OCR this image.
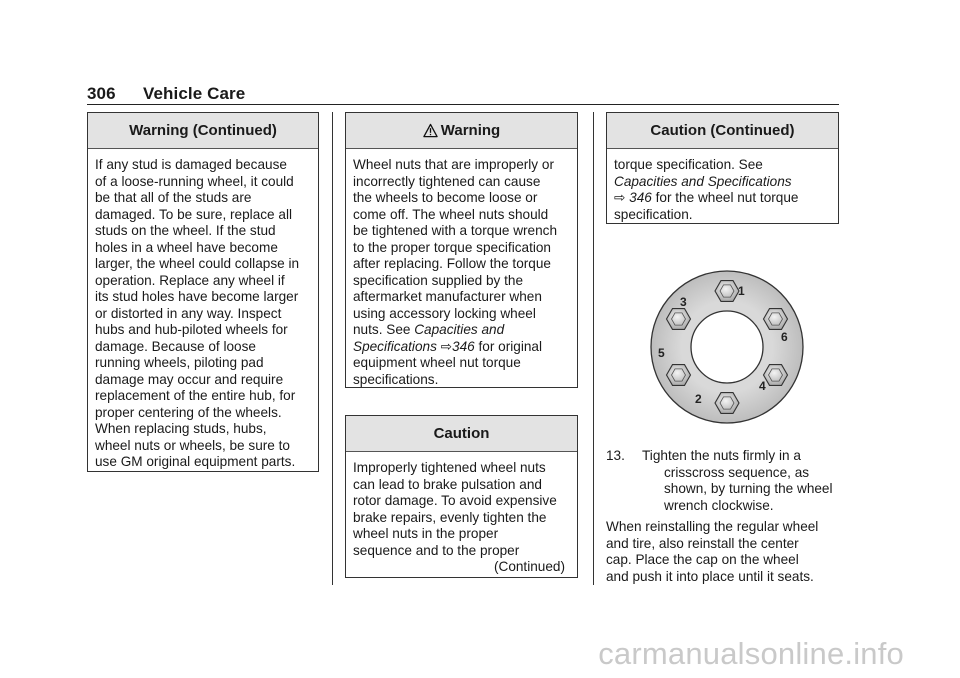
306 Vehicle Care
Warning (Continued)
If any stud is damaged because
of a loose-running wheel, it could
be that all of the studs are
damaged. To be sure, replace all
studs on the wheel. If the stud
holes in a wheel have become
larger, the wheel could collapse in
operation. Replace any wheel if
its stud holes have become larger
or distorted in any way. Inspect
hubs and hub-piloted wheels for
damage. Because of loose
running wheels, piloting pad
damage may occur and require
replacement of the entire hub, for
proper centering of the wheels.
When replacing studs, hubs,
wheel nuts or wheels, be sure to
use GM original equipment parts.
Warning
Wheel nuts that are improperly or
incorrectly tightened can cause
the wheels to become loose or
come off. The wheel nuts should
be tightened with a torque wrench
to the proper torque specification
after replacing. Follow the torque
specification supplied by the
aftermarket manufacturer when
using accessory locking wheel
nuts. See Capacities and
Specifications ⇨346 for original
equipment wheel nut torque
specifications.
Caution
Improperly tightened wheel nuts
can lead to brake pulsation and
rotor damage. To avoid expensive
brake repairs, evenly tighten the
wheel nuts in the proper
sequence and to the proper
(Continued)
Caution (Continued)
torque specification. See
Capacities and Specifications
⇨ 346 for the wheel nut torque
specification.
1
2
3
4
5
6
13.	Tighten the nuts firmly in a
crisscross sequence, as
shown, by turning the wheel
wrench clockwise.
When reinstalling the regular wheel
and tire, also reinstall the center
cap. Place the cap on the wheel
and push it into place until it seats.
carmanualsonline.info
